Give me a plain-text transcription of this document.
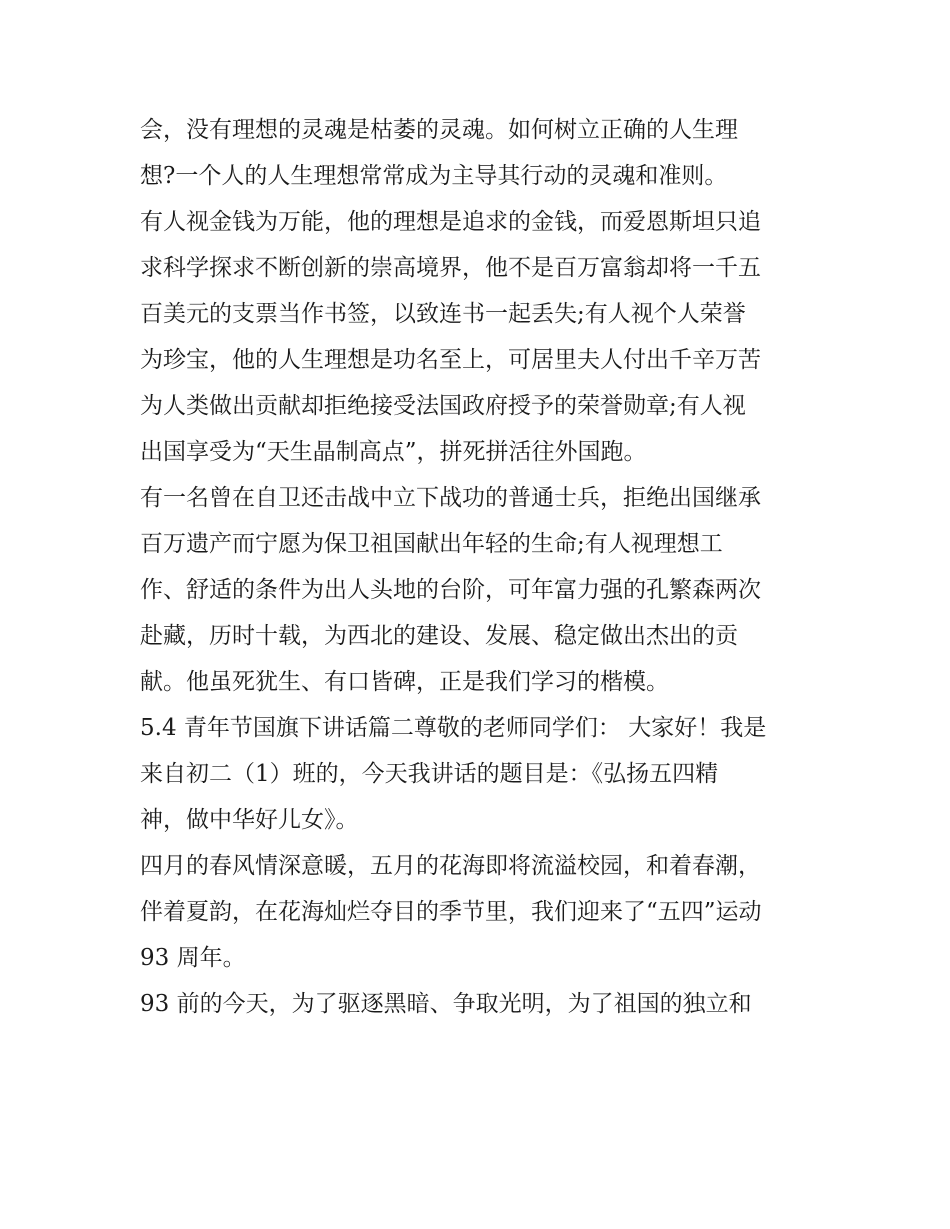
会，没有理想的灵魂是枯萎的灵魂。如何树立正确的人生理
想?一个人的人生理想常常成为主导其行动的灵魂和准则。
有人视金钱为万能，他的理想是追求的金钱，而爱恩斯坦只追
求科学探求不断创新的崇高境界，他不是百万富翁却将一千五
百美元的支票当作书签，以致连书一起丢失;有人视个人荣誉
为珍宝，他的人生理想是功名至上，可居里夫人付出千辛万苦
为人类做出贡献却拒绝接受法国政府授予的荣誉勋章;有人视
出国享受为“天生晶制高点”，拼死拼活往外国跑。
有一名曾在自卫还击战中立下战功的普通士兵，拒绝出国继承
百万遗产而宁愿为保卫祖国献出年轻的生命;有人视理想工
作、舒适的条件为出人头地的台阶，可年富力强的孔繁森两次
赴藏，历时十载，为西北的建设、发展、稳定做出杰出的贡
献。他虽死犹生、有口皆碑，正是我们学习的楷模。
5.4 青年节国旗下讲话篇二尊敬的老师同学们： 大家好！我是
来自初二（1）班的，今天我讲话的题目是：《弘扬五四精
神，做中华好儿女》。
四月的春风情深意暖，五月的花海即将流溢校园，和着春潮，
伴着夏韵，在花海灿烂夺目的季节里，我们迎来了“五四”运动
93 周年。
93 前的今天，为了驱逐黑暗、争取光明，为了祖国的独立和
